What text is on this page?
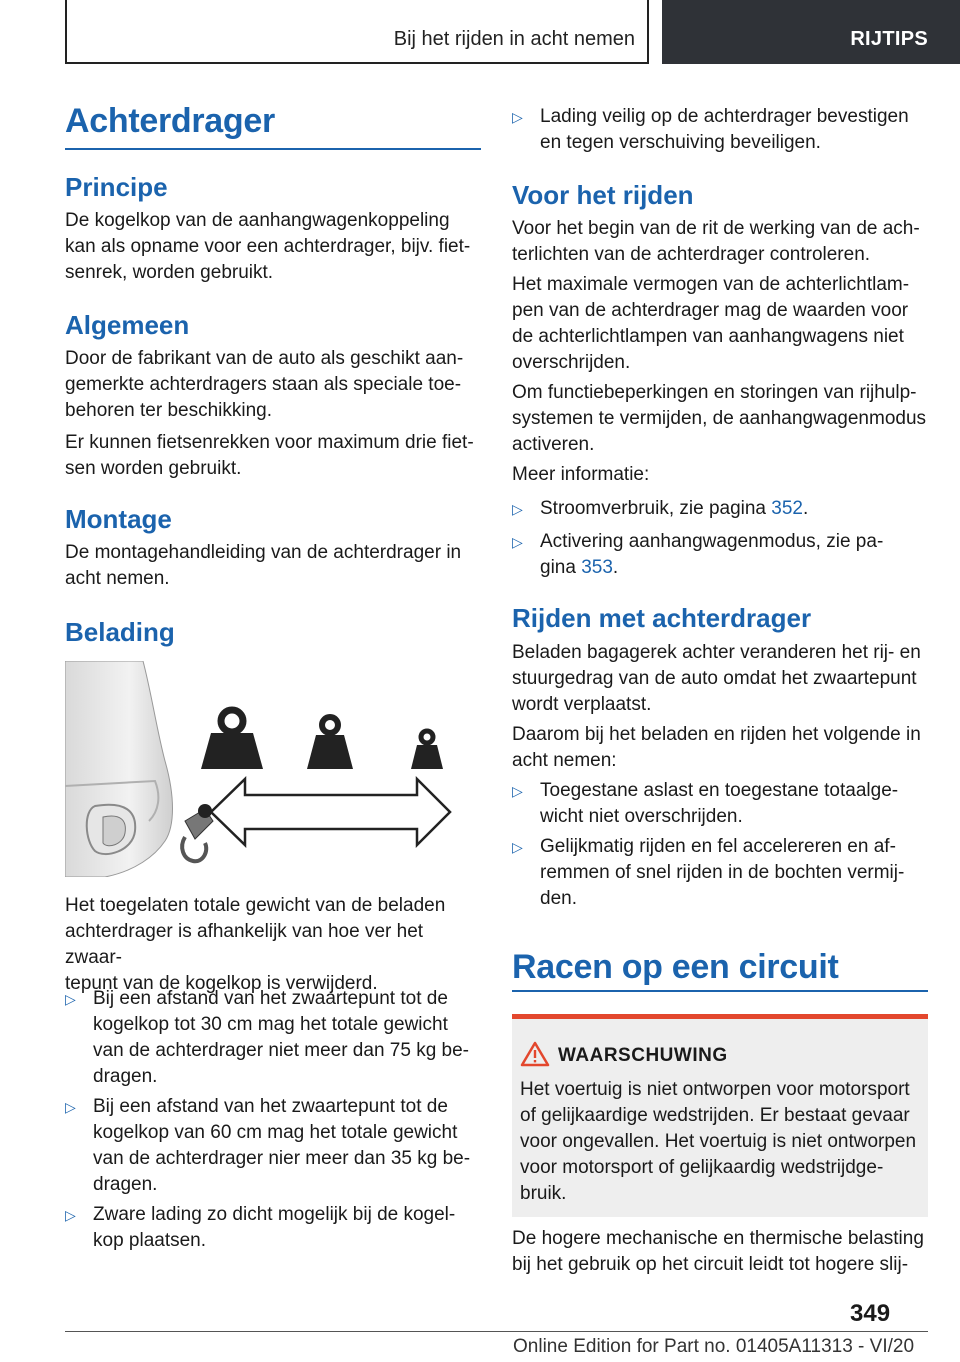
Bij het rijden in acht nemen	RIJTIPS
Achterdrager
Principe
De kogelkop van de aanhangwagenkoppeling
kan als opname voor een achterdrager, bijv. fiet-
senrek, worden gebruikt.
Algemeen
Door de fabrikant van de auto als geschikt aan-
gemerkte achterdragers staan als speciale toe-
behoren ter beschikking.
Er kunnen fietsenrekken voor maximum drie fiet-
sen worden gebruikt.
Montage
De montagehandleiding van de achterdrager in
acht nemen.
Belading
Het toegelaten totale gewicht van de beladen
achterdrager is afhankelijk van hoe ver het zwaar-
tepunt van de kogelkop is verwijderd.
▷ Bij een afstand van het zwaartepunt tot de
kogelkop tot 30 cm mag het totale gewicht
van de achterdrager niet meer dan 75 kg be-
dragen.
▷ Bij een afstand van het zwaartepunt tot de
kogelkop van 60 cm mag het totale gewicht
van de achterdrager nier meer dan 35 kg be-
dragen.
▷ Zware lading zo dicht mogelijk bij de kogel-
kop plaatsen.
▷ Lading veilig op de achterdrager bevestigen
en tegen verschuiving beveiligen.
Voor het rijden
Voor het begin van de rit de werking van de ach-
terlichten van de achterdrager controleren.
Het maximale vermogen van de achterlichtlam-
pen van de achterdrager mag de waarden voor
de achterlichtlampen van aanhangwagens niet
overschrijden.
Om functiebeperkingen en storingen van rijhulp-
systemen te vermijden, de aanhangwagenmodus
activeren.
Meer informatie:
▷ Stroomverbruik, zie pagina 352.
▷ Activering aanhangwagenmodus, zie pa-
gina 353.
Rijden met achterdrager
Beladen bagagerek achter veranderen het rij- en
stuurgedrag van de auto omdat het zwaartepunt
wordt verplaatst.
Daarom bij het beladen en rijden het volgende in
acht nemen:
▷ Toegestane aslast en toegestane totaalge-
wicht niet overschrijden.
▷ Gelijkmatig rijden en fel accelereren en af-
remmen of snel rijden in de bochten vermij-
den.
Racen op een circuit
WAARSCHUWING
Het voertuig is niet ontworpen voor motorsport
of gelijkaardige wedstrijden. Er bestaat gevaar
voor ongevallen. Het voertuig is niet ontworpen
voor motorsport of gelijkaardig wedstrijdge-
bruik.
De hogere mechanische en thermische belasting
bij het gebruik op het circuit leidt tot hogere slij-
349
Online Edition for Part no. 01405A11313 - VI/20
